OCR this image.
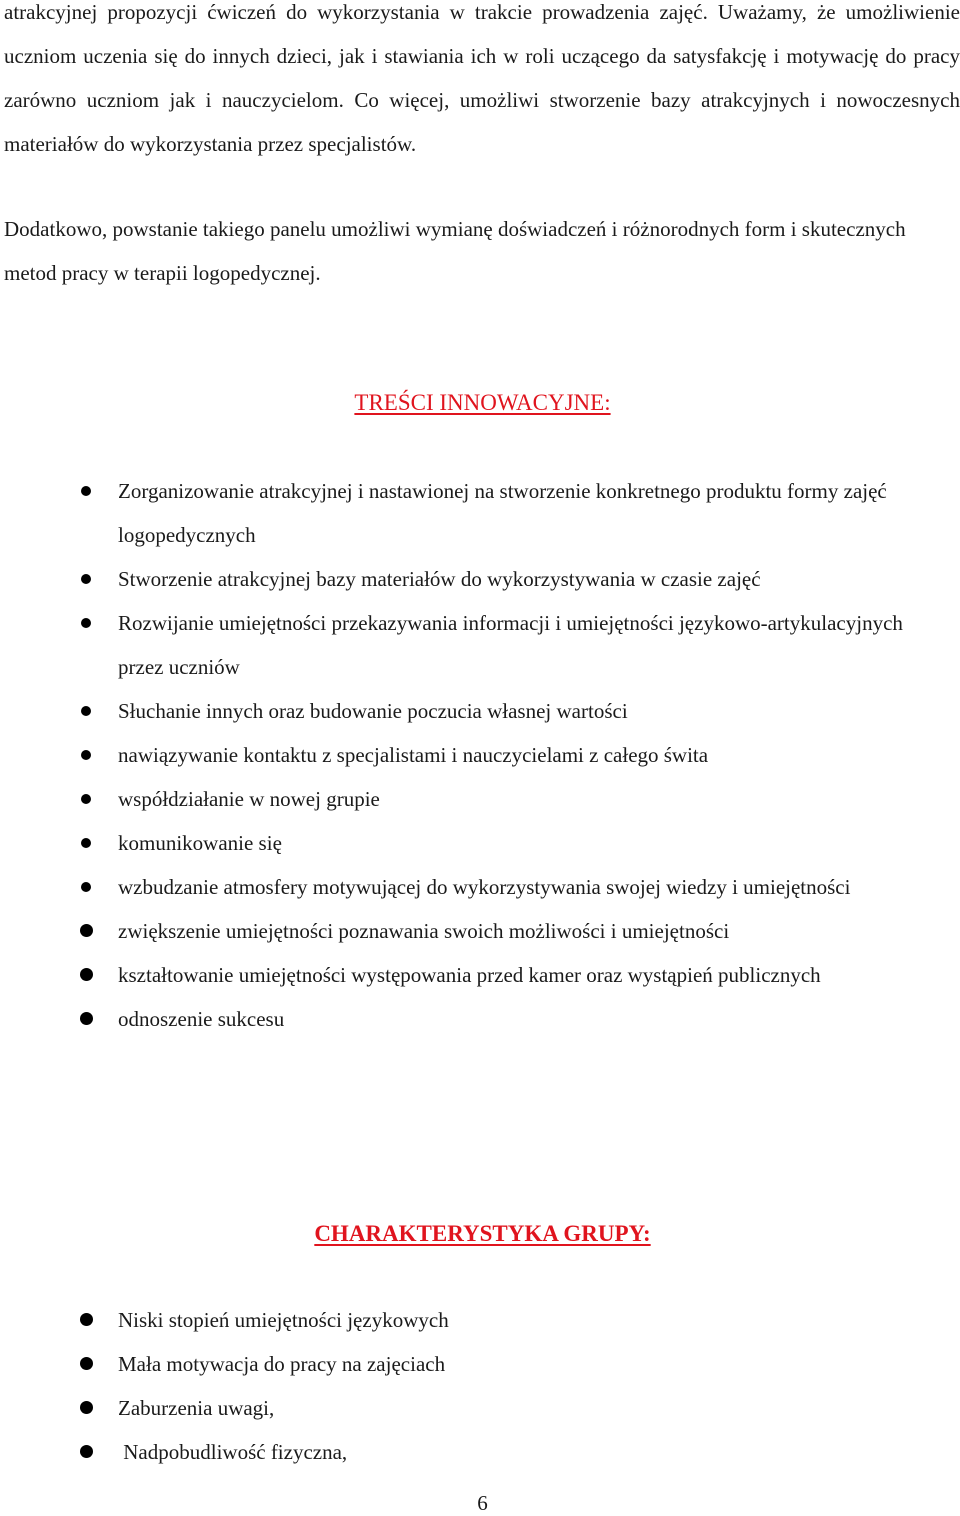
atrakcyjnej propozycji ćwiczeń do wykorzystania w trakcie prowadzenia zajęć. Uważamy, że umożliwienie uczniom uczenia się do innych dzieci, jak i stawiania ich w roli uczącego da satysfakcję i motywację do pracy zarówno uczniom jak i nauczycielom. Co więcej, umożliwi stworzenie bazy atrakcyjnych i nowoczesnych materiałów do wykorzystania przez specjalistów.

Dodatkowo, powstanie takiego panelu umożliwi wymianę doświadczeń i różnorodnych form i skutecznych metod pracy w terapii logopedycznej.

TREŚCI INNOWACYJNE:
Zorganizowanie atrakcyjnej i nastawionej na stworzenie konkretnego produktu formy zajęć logopedycznych
Stworzenie atrakcyjnej bazy materiałów do wykorzystywania w czasie zajęć
Rozwijanie umiejętności przekazywania informacji i umiejętności językowo-artykulacyjnych przez uczniów
Słuchanie innych oraz budowanie poczucia własnej wartości
nawiązywanie kontaktu z specjalistami i nauczycielami z całego świta
współdziałanie w nowej grupie
komunikowanie się
wzbudzanie atmosfery motywującej do wykorzystywania swojej wiedzy i umiejętności
zwiększenie umiejętności poznawania swoich możliwości i umiejętności
kształtowanie umiejętności występowania przed kamer oraz wystąpień publicznych
odnoszenie sukcesu
CHARAKTERYSTYKA GRUPY:
Niski stopień umiejętności językowych
Mała motywacja do pracy na zajęciach
Zaburzenia uwagi,
Nadpobudliwość fizyczna,

6
